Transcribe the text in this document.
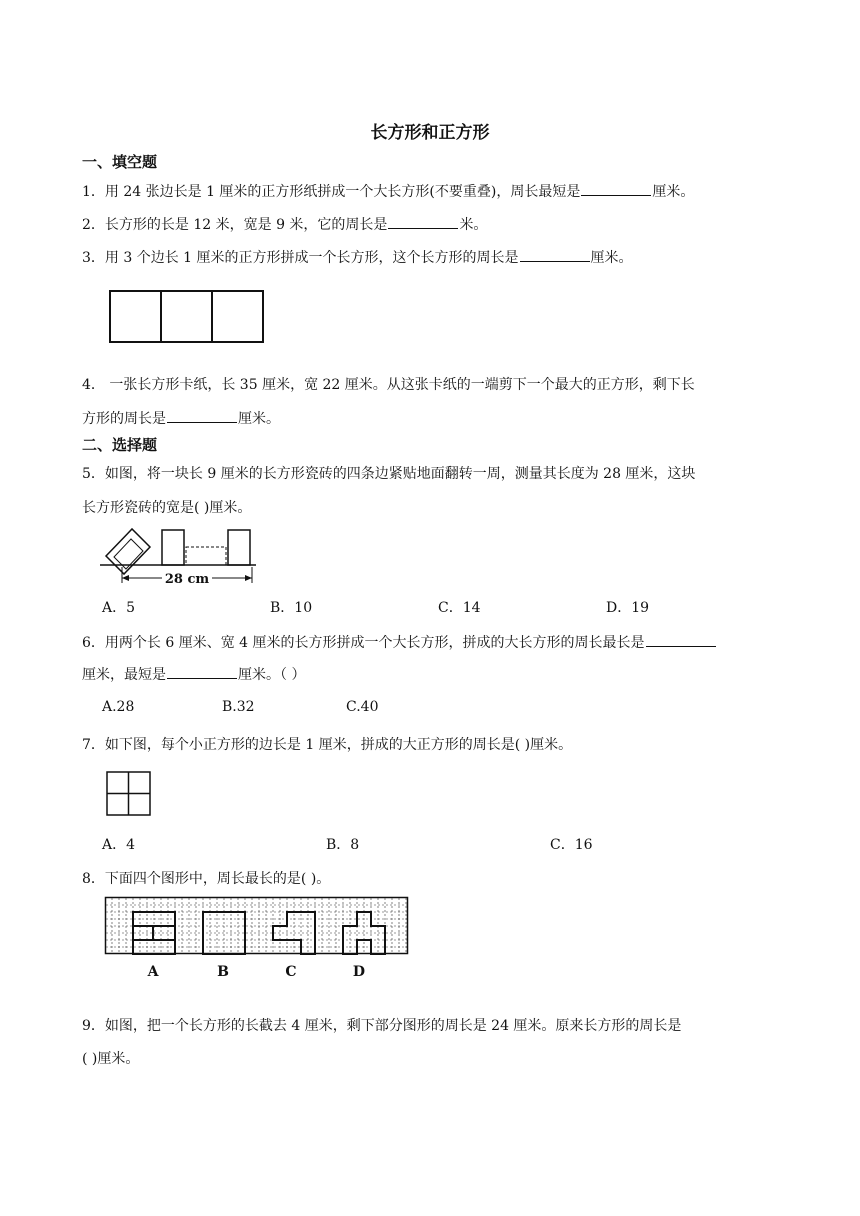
长方形和正方形
一、填空题
1．用 24 张边长是 1 厘米的正方形纸拼成一个大长方形(不要重叠)，周长最短是	厘米。
2．长方形的长是 12 米，宽是 9 米，它的周长是	米。
3．用 3 个边长 1 厘米的正方形拼成一个长方形，这个长方形的周长是	厘米。
4． 一张长方形卡纸，长 35 厘米，宽 22 厘米。从这张卡纸的一端剪下一个最大的正方形，剩下长
方形的周长是	厘米。
二、选择题
5．如图，将一块长 9 厘米的长方形瓷砖的四条边紧贴地面翻转一周，测量其长度为 28 厘米，这块
长方形瓷砖的宽是( )厘米。
28 cm
A．5	B．10	C．14	D．19
6．用两个长 6 厘米、宽 4 厘米的长方形拼成一个大长方形，拼成的大长方形的周长最长是
厘米，最短是	厘米。（ ）
A.28	B.32	C.40
7．如下图，每个小正方形的边长是 1 厘米，拼成的大正方形的周长是( )厘米。
A．4	B．8	C．16
8．下面四个图形中，周长最长的是( )。
A	B	C	D
9．如图，把一个长方形的长截去 4 厘米，剩下部分图形的周长是 24 厘米。原来长方形的周长是
( )厘米。
